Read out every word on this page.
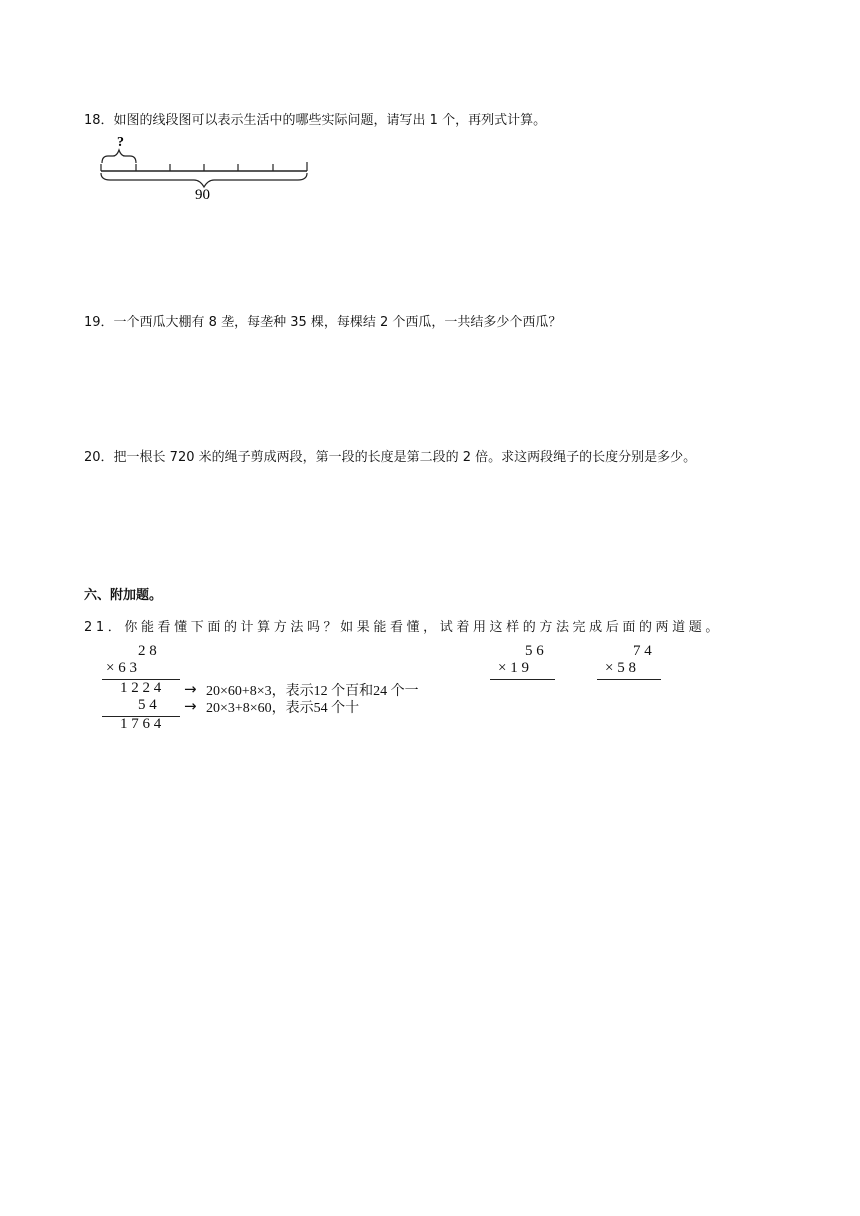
18．如图的线段图可以表示生活中的哪些实际问题，请写出 1 个，再列式计算。
?
90
19．一个西瓜大棚有 8 垄，每垄种 35 棵，每棵结 2 个西瓜，一共结多少个西瓜？
20．把一根长 720 米的绳子剪成两段，第一段的长度是第二段的 2 倍。求这两段绳子的长度分别是多少。
六、附加题。
21．你能看懂下面的计算方法吗？如果能看懂，试着用这样的方法完成后面的两道题。
2 8
× 6 3
1 2 2 4 → 20×60+8×3，表示12 个百和24 个一
5 4 → 20×3+8×60，表示54 个十
1 7 6 4
5 6
× 1 9
7 4
× 5 8
